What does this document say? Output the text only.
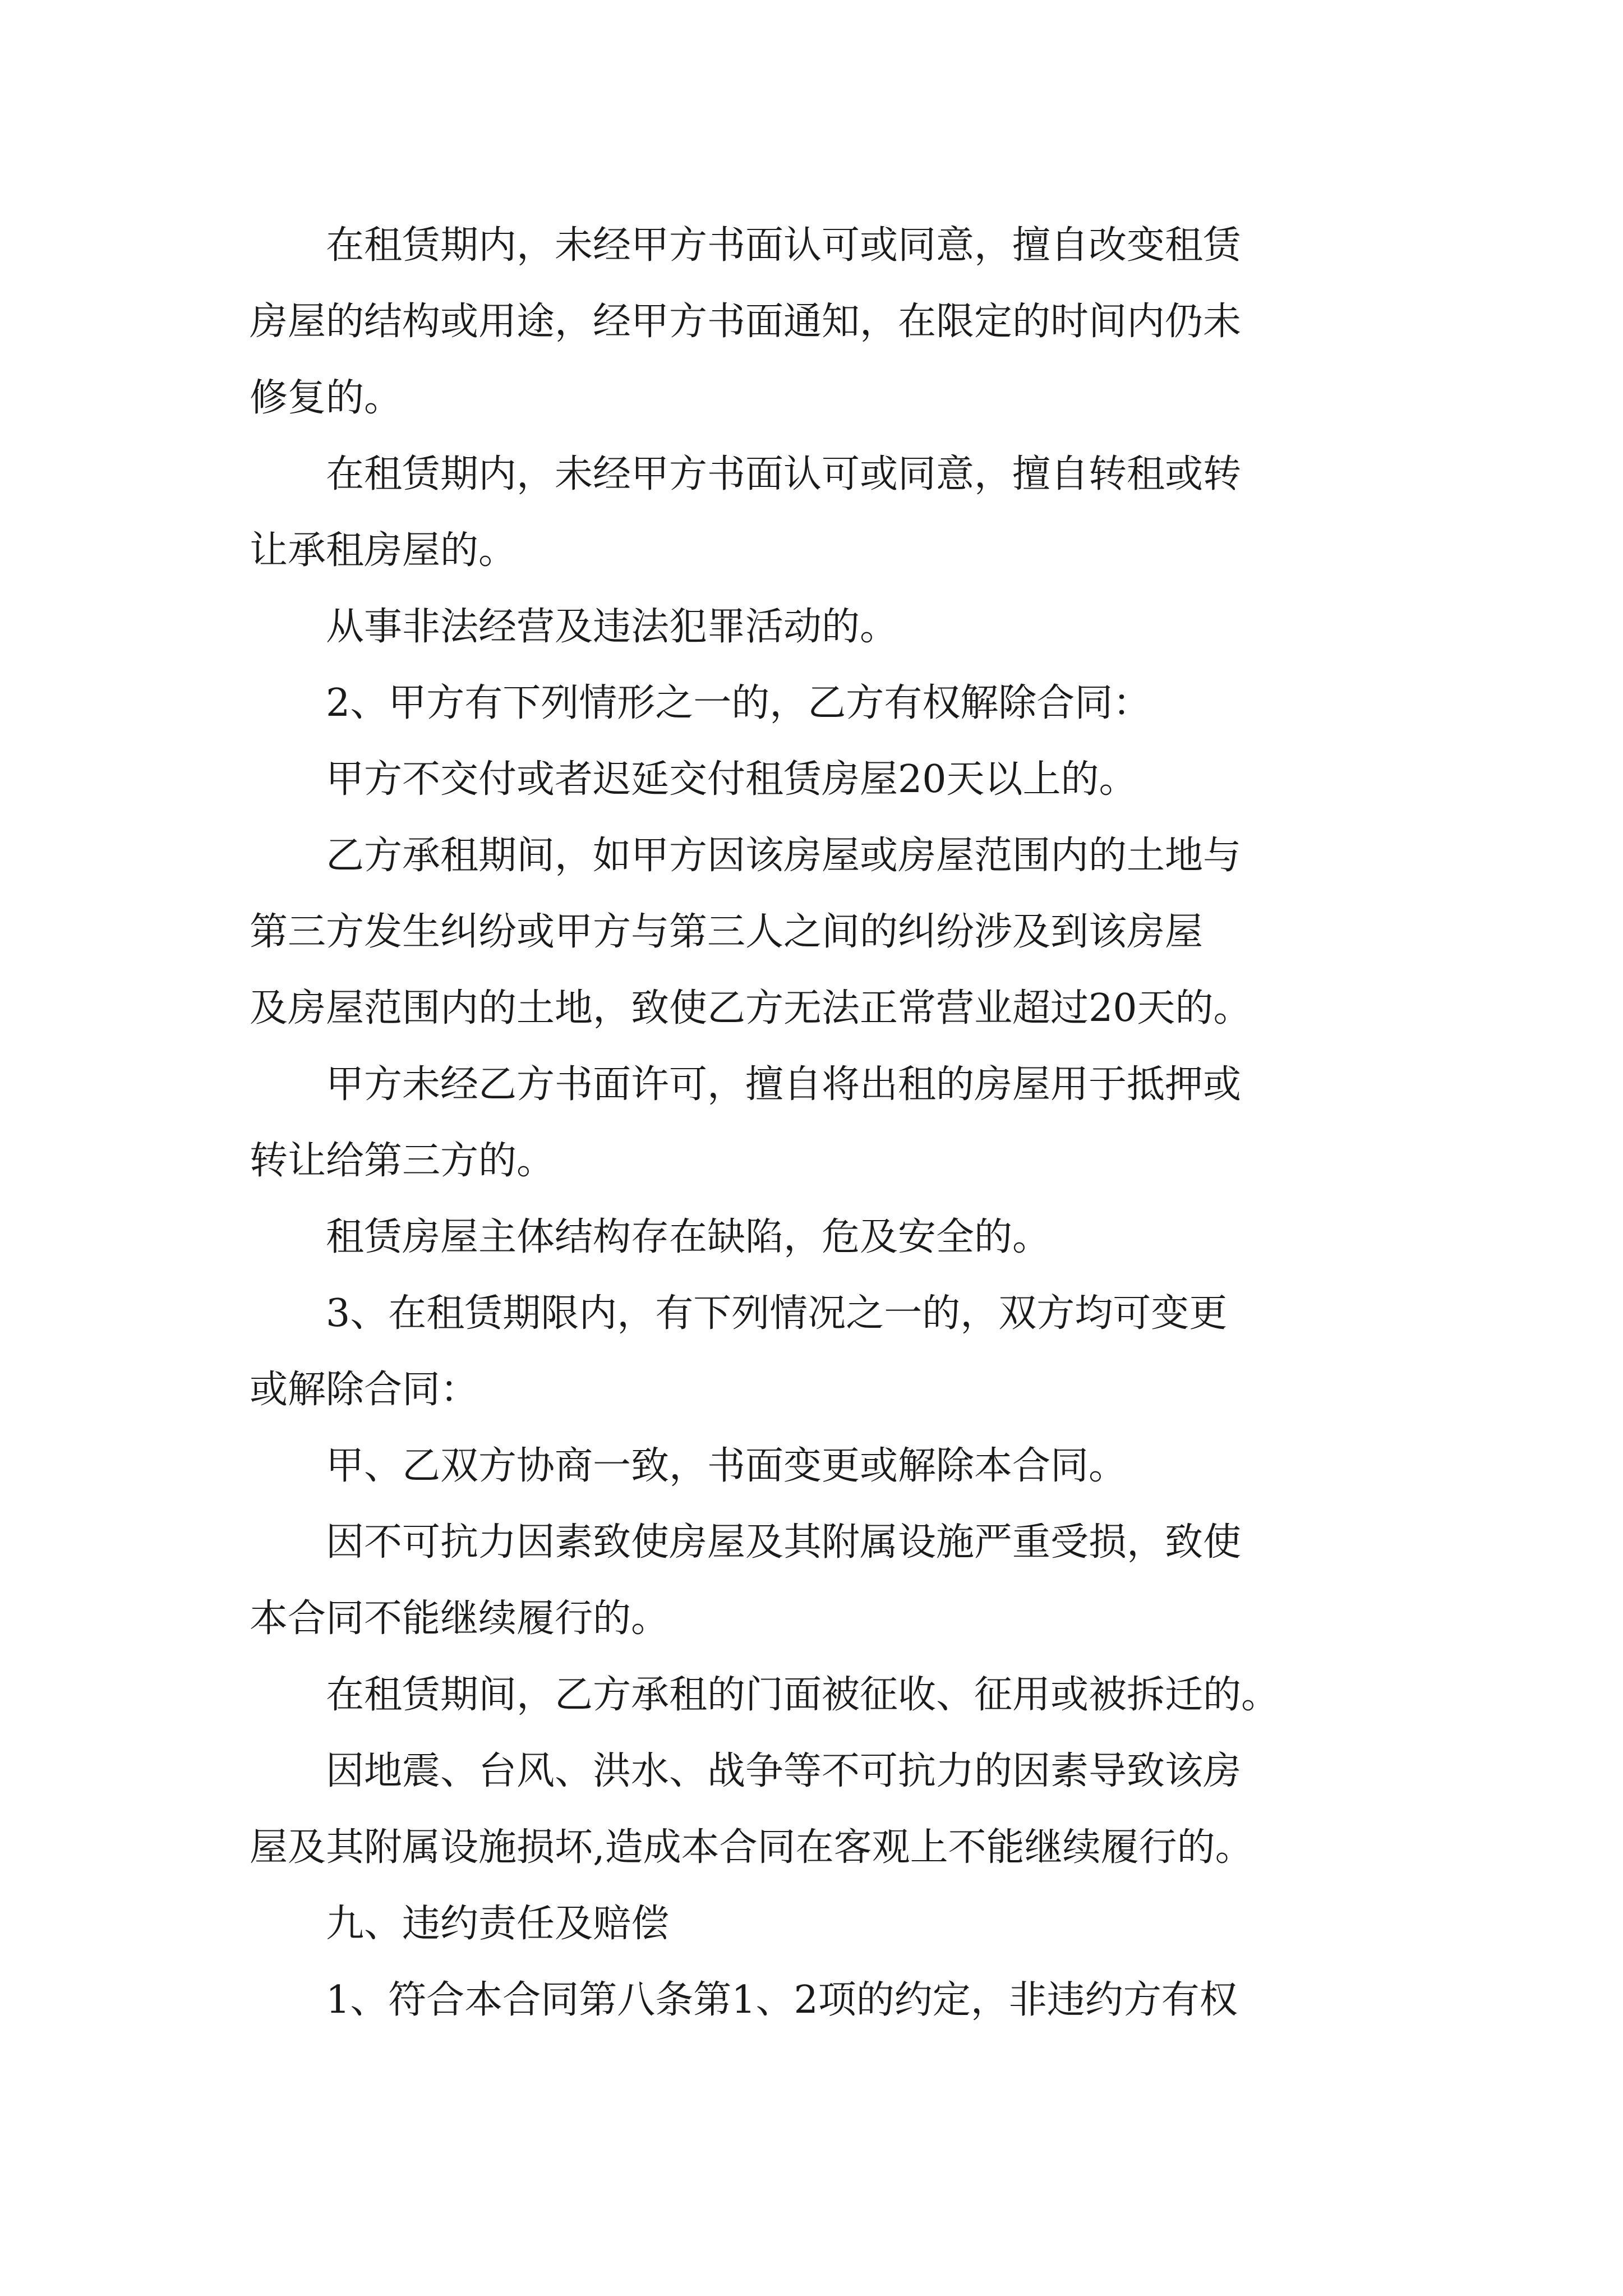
在租赁期内，未经甲方书面认可或同意，擅自改变租赁
房屋的结构或用途，经甲方书面通知，在限定的时间内仍未
修复的。

在租赁期内，未经甲方书面认可或同意，擅自转租或转
让承租房屋的。

从事非法经营及违法犯罪活动的。

2、甲方有下列情形之一的，乙方有权解除合同：

甲方不交付或者迟延交付租赁房屋20天以上的。

乙方承租期间，如甲方因该房屋或房屋范围内的土地与
第三方发生纠纷或甲方与第三人之间的纠纷涉及到该房屋
及房屋范围内的土地，致使乙方无法正常营业超过20天的。

甲方未经乙方书面许可，擅自将出租的房屋用于抵押或
转让给第三方的。

租赁房屋主体结构存在缺陷，危及安全的。

3、在租赁期限内，有下列情况之一的，双方均可变更
或解除合同：

甲、乙双方协商一致，书面变更或解除本合同。

因不可抗力因素致使房屋及其附属设施严重受损，致使
本合同不能继续履行的。

在租赁期间，乙方承租的门面被征收、征用或被拆迁的。

因地震、台风、洪水、战争等不可抗力的因素导致该房
屋及其附属设施损坏,造成本合同在客观上不能继续履行的。

九、违约责任及赔偿

1、符合本合同第八条第1、2项的约定，非违约方有权
